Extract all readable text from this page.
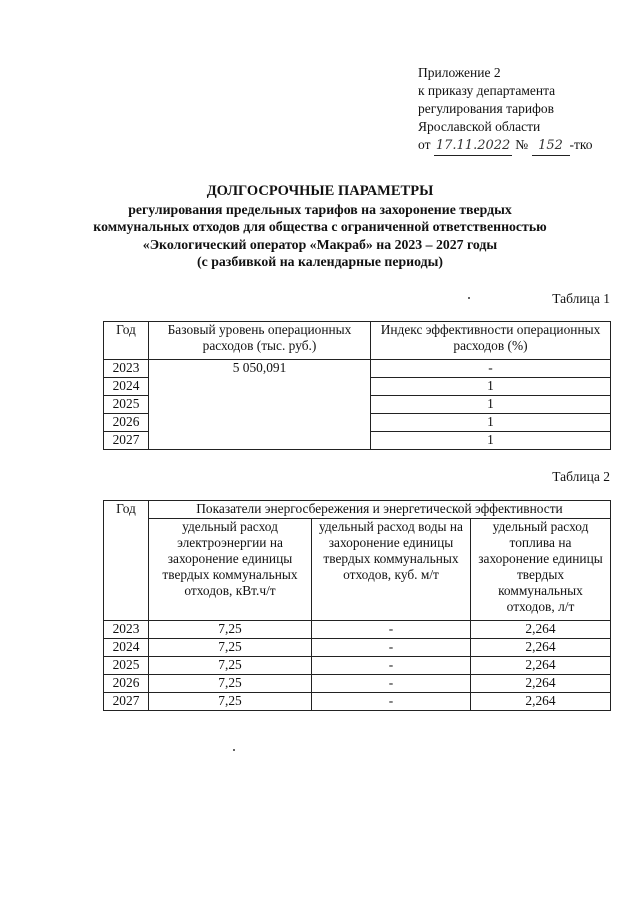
Приложение 2
к приказу департамента
регулирования тарифов
Ярославской области
от 17.11.2022 № 152 -тко
ДОЛГОСРОЧНЫЕ ПАРАМЕТРЫ
регулирования предельных тарифов на захоронение твердых
коммунальных отходов для общества с ограниченной ответственностью
«Экологический оператор «Макраб» на 2023 – 2027 годы
(с разбивкой на календарные периоды)
Таблица 1
Год	Базовый уровень операционных расходов (тыс. руб.)	Индекс эффективности операционных расходов (%)
2023	5 050,091	-
2024		1
2025		1
2026		1
2027		1
Таблица 2
Год	Показатели энергосбережения и энергетической эффективности		
	удельный расход электроэнергии на захоронение единицы твердых коммунальных отходов, кВт.ч/т	удельный расход воды на захоронение единицы твердых коммунальных отходов, куб. м/т	удельный расход топлива на захоронение единицы твердых коммунальных отходов, л/т
2023	7,25	-	2,264
2024	7,25	-	2,264
2025	7,25	-	2,264
2026	7,25	-	2,264
2027	7,25	-	2,264
